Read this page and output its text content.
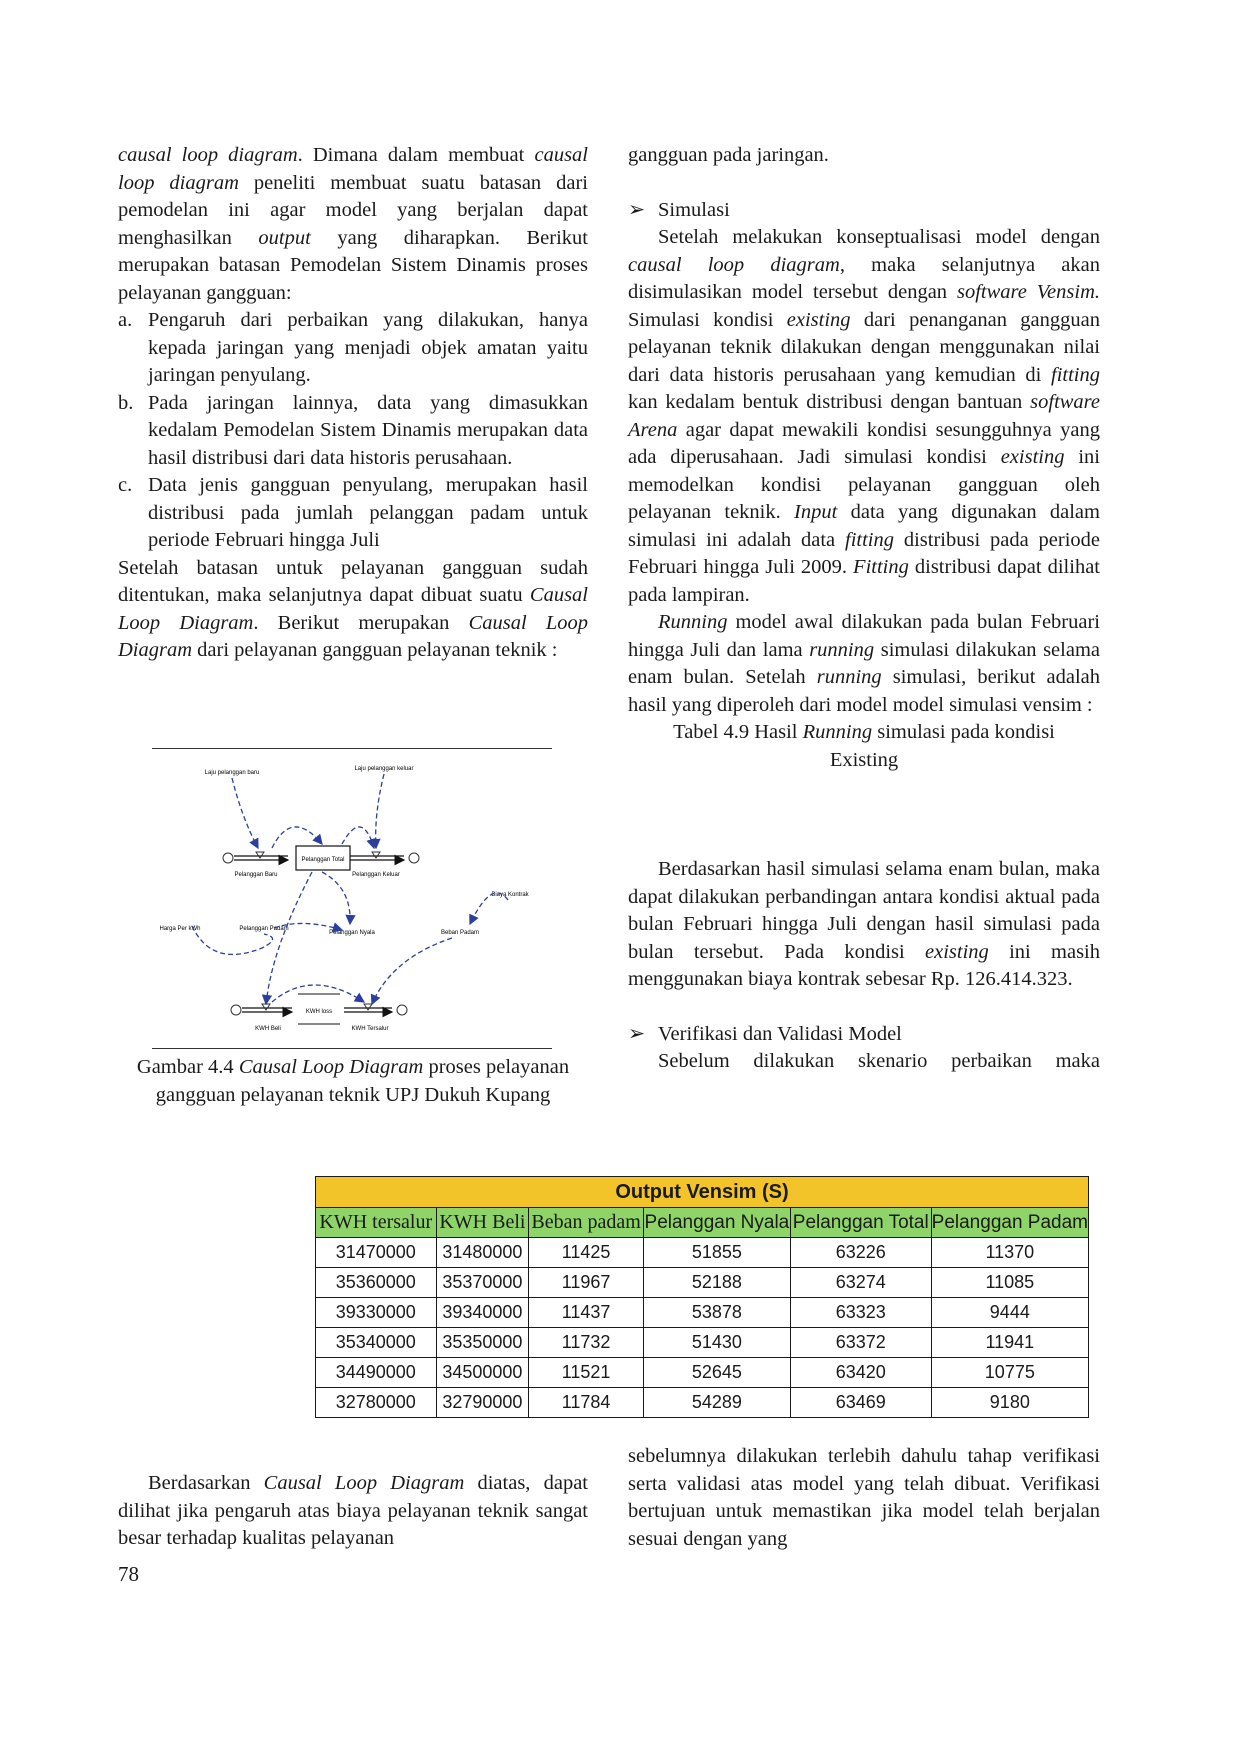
causal loop diagram. Dimana dalam membuat causal loop diagram peneliti membuat suatu batasan dari pemodelan ini agar model yang berjalan dapat menghasilkan output yang diharapkan. Berikut merupakan batasan Pemodelan Sistem Dinamis proses pelayanan gangguan:

a. Pengaruh dari perbaikan yang dilakukan, hanya kepada jaringan yang menjadi objek amatan yaitu jaringan penyulang.
b. Pada jaringan lainnya, data yang dimasukkan kedalam Pemodelan Sistem Dinamis merupakan data hasil distribusi dari data historis perusahaan.
c. Data jenis gangguan penyulang, merupakan hasil distribusi pada jumlah pelanggan padam untuk periode Februari hingga Juli

Setelah batasan untuk pelayanan gangguan sudah ditentukan, maka selanjutnya dapat dibuat suatu Causal Loop Diagram. Berikut merupakan Causal Loop Diagram dari pelayanan gangguan pelayanan teknik :

Pelanggan Total
Pelanggan Baru	Pelanggan Keluar
Laju pelanggan baru
Laju pelanggan keluar
Harga Per kWh	Pelanggan Padam
Pelanggan Nyala	Beban Padam
Biaya Kontrak
KWH loss
KWH Beli	KWH Tersalur
Gambar 4.4 Causal Loop Diagram proses pelayanan gangguan pelayanan teknik UPJ Dukuh Kupang

gangguan pada jaringan.

➢ Simulasi

Setelah melakukan konseptualisasi model dengan causal loop diagram, maka selanjutnya akan disimulasikan model tersebut dengan software Vensim. Simulasi kondisi existing dari penanganan gangguan pelayanan teknik dilakukan dengan menggunakan nilai dari data historis perusahaan yang kemudian di fitting kan kedalam bentuk distribusi dengan bantuan software Arena agar dapat mewakili kondisi sesungguhnya yang ada diperusahaan. Jadi simulasi kondisi existing ini memodelkan kondisi pelayanan gangguan oleh pelayanan teknik. Input data yang digunakan dalam simulasi ini adalah data fitting distribusi pada periode Februari hingga Juli 2009. Fitting distribusi dapat dilihat pada lampiran.

Running model awal dilakukan pada bulan Februari hingga Juli dan lama running simulasi dilakukan selama enam bulan. Setelah running simulasi, berikut adalah hasil yang diperoleh dari model model simulasi vensim :

Tabel 4.9 Hasil Running simulasi pada kondisi Existing

Berdasarkan hasil simulasi selama enam bulan, maka dapat dilakukan perbandingan antara kondisi aktual pada bulan Februari hingga Juli dengan hasil simulasi pada bulan tersebut. Pada kondisi existing ini masih menggunakan biaya kontrak sebesar Rp. 126.414.323.

➢ Verifikasi dan Validasi Model

Sebelum dilakukan skenario perbaikan maka

Output Vensim (S)					
KWH tersalur	KWH Beli	Beban padam	Pelanggan Nyala	Pelanggan Total	Pelanggan Padam
31470000	31480000	11425	51855	63226	11370
35360000	35370000	11967	52188	63274	11085
39330000	39340000	11437	53878	63323	9444
35340000	35350000	11732	51430	63372	11941
34490000	34500000	11521	52645	63420	10775
32780000	32790000	11784	54289	63469	9180

Berdasarkan Causal Loop Diagram diatas, dapat dilihat jika pengaruh atas biaya pelayanan teknik sangat besar terhadap kualitas pelayanan

sebelumnya dilakukan terlebih dahulu tahap verifikasi serta validasi atas model yang telah dibuat. Verifikasi bertujuan untuk memastikan jika model telah berjalan sesuai dengan yang

78
